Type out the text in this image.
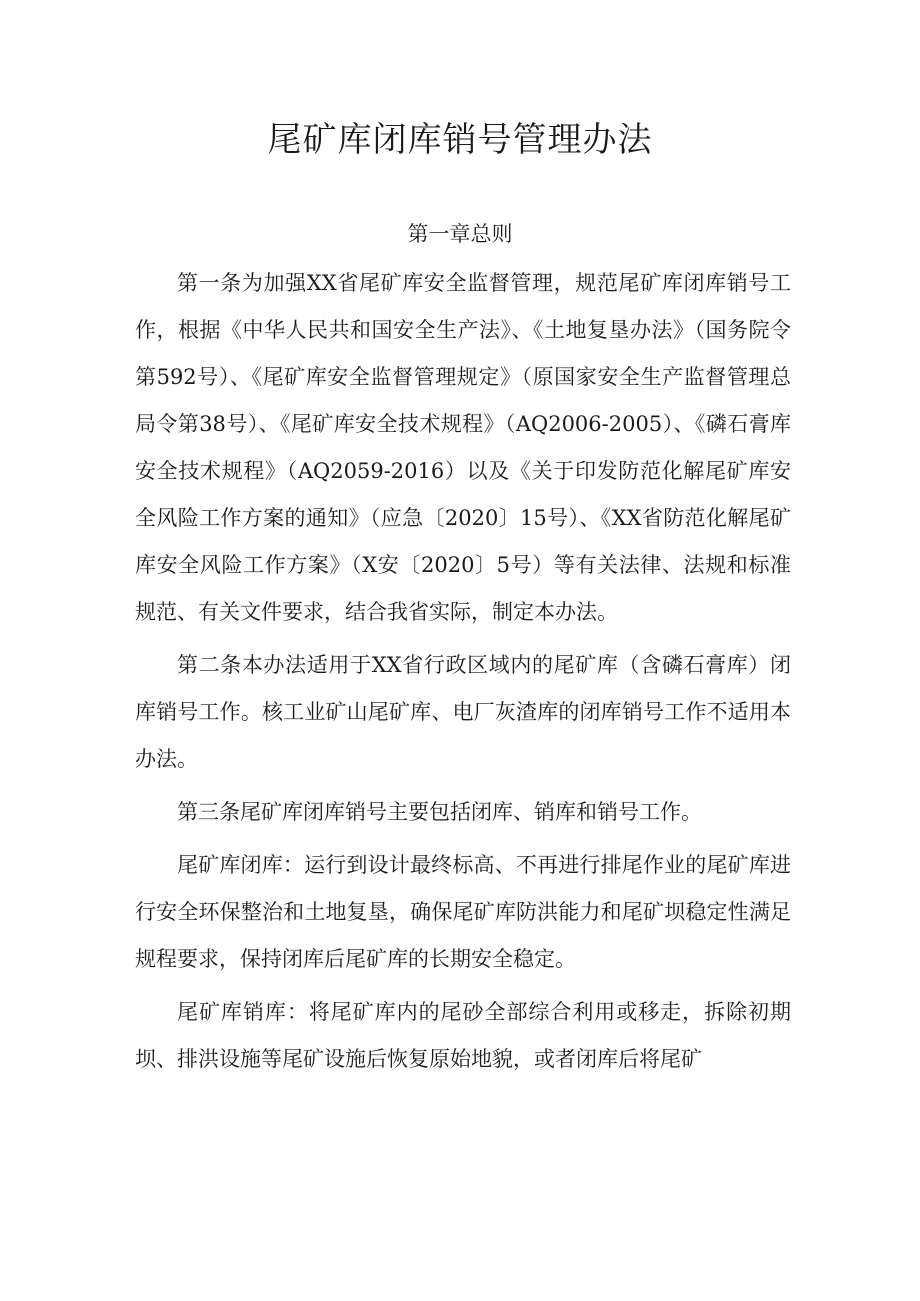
尾矿库闭库销号管理办法
第一章总则

第一条为加强XX省尾矿库安全监督管理，规范尾矿库闭库销号工作，根据《中华人民共和国安全生产法》、《土地复垦办法》（国务院令第592号）、《尾矿库安全监督管理规定》（原国家安全生产监督管理总局令第38号）、《尾矿库安全技术规程》（AQ2006-2005）、《磷石膏库安全技术规程》（AQ2059-2016）以及《关于印发防范化解尾矿库安全风险工作方案的通知》（应急〔2020〕15号）、《XX省防范化解尾矿库安全风险工作方案》（X安〔2020〕5号）等有关法律、法规和标准规范、有关文件要求，结合我省实际，制定本办法。

第二条本办法适用于XX省行政区域内的尾矿库（含磷石膏库）闭库销号工作。核工业矿山尾矿库、电厂灰渣库的闭库销号工作不适用本办法。

第三条尾矿库闭库销号主要包括闭库、销库和销号工作。

尾矿库闭库：运行到设计最终标高、不再进行排尾作业的尾矿库进行安全环保整治和土地复垦，确保尾矿库防洪能力和尾矿坝稳定性满足规程要求，保持闭库后尾矿库的长期安全稳定。

尾矿库销库：将尾矿库内的尾砂全部综合利用或移走，拆除初期坝、排洪设施等尾矿设施后恢复原始地貌，或者闭库后将尾矿
